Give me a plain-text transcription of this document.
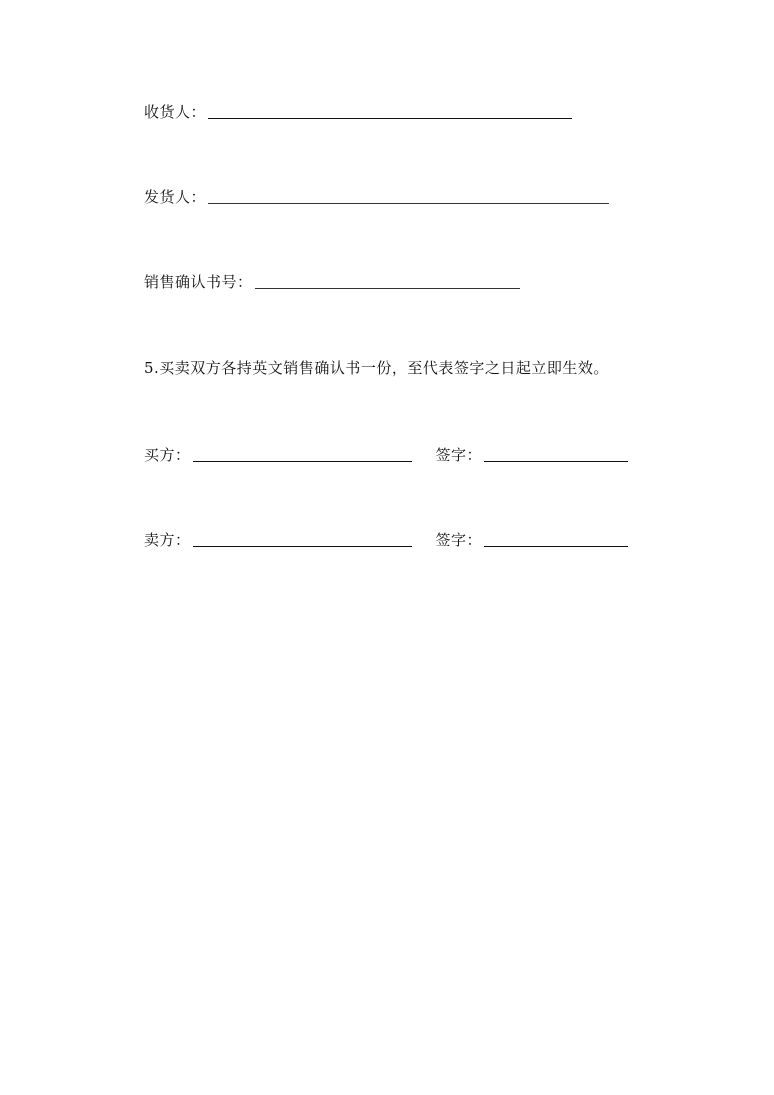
收货人：
发货人：
销售确认书号：
5.买卖双方各持英文销售确认书一份，至代表签字之日起立即生效。
买方：	签字：
卖方：	签字：
